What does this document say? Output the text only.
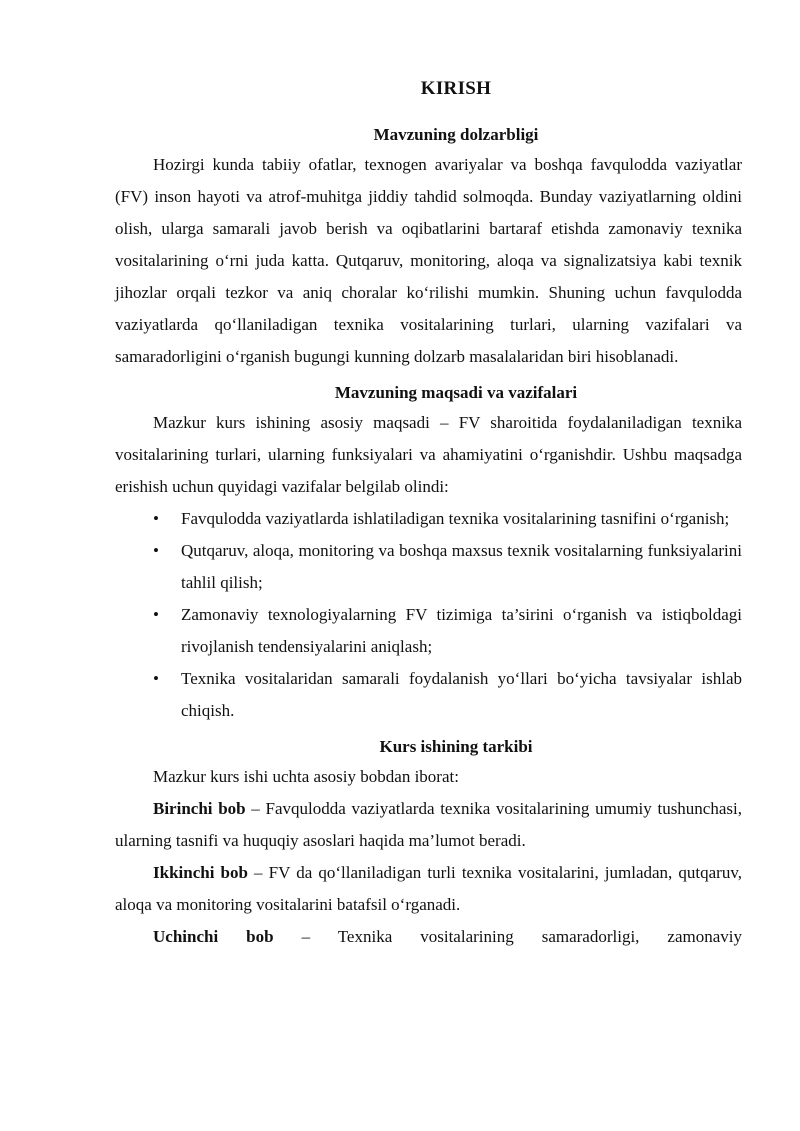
KIRISH
Mavzuning dolzarbligi

Hozirgi kunda tabiiy ofatlar, texnogen avariyalar va boshqa favqulodda vaziyatlar (FV) inson hayoti va atrof-muhitga jiddiy tahdid solmoqda. Bunday vaziyatlarning oldini olish, ularga samarali javob berish va oqibatlarini bartaraf etishda zamonaviy texnika vositalarining o‘rni juda katta. Qutqaruv, monitoring, aloqa va signalizatsiya kabi texnik jihozlar orqali tezkor va aniq choralar ko‘rilishi mumkin. Shuning uchun favqulodda vaziyatlarda qo‘llaniladigan texnika vositalarining turlari, ularning vazifalari va samaradorligini o‘rganish bugungi kunning dolzarb masalalaridan biri hisoblanadi.

Mavzuning maqsadi va vazifalari

Mazkur kurs ishining asosiy maqsadi – FV sharoitida foydalaniladigan texnika vositalarining turlari, ularning funksiyalari va ahamiyatini o‘rganishdir. Ushbu maqsadga erishish uchun quyidagi vazifalar belgilab olindi:

• Favqulodda vaziyatlarda ishlatiladigan texnika vositalarining tasnifini o‘rganish;
• Qutqaruv, aloqa, monitoring va boshqa maxsus texnik vositalarning funksiyalarini tahlil qilish;
• Zamonaviy texnologiyalarning FV tizimiga ta’sirini o‘rganish va istiqboldagi rivojlanish tendensiyalarini aniqlash;
• Texnika vositalaridan samarali foydalanish yo‘llari bo‘yicha tavsiyalar ishlab chiqish.
Kurs ishining tarkibi

Mazkur kurs ishi uchta asosiy bobdan iborat:

Birinchi bob – Favqulodda vaziyatlarda texnika vositalarining umumiy tushunchasi, ularning tasnifi va huquqiy asoslari haqida ma’lumot beradi.

Ikkinchi bob – FV da qo‘llaniladigan turli texnika vositalarini, jumladan, qutqaruv, aloqa va monitoring vositalarini batafsil o‘rganadi.

Uchinchi bob – Texnika vositalarining samaradorligi, zamonaviy
